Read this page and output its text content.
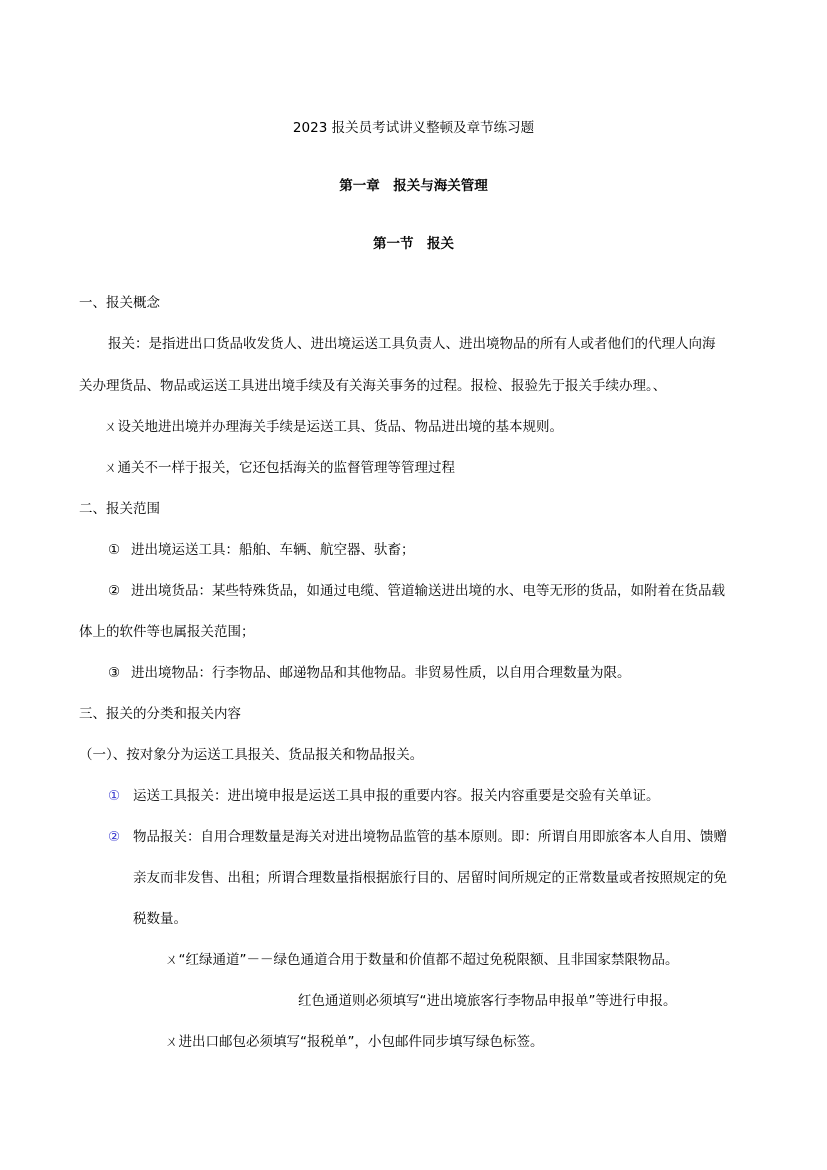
2023 报关员考试讲义整顿及章节练习题
第一章　报关与海关管理
第一节　报关
一、报关概念
报关：是指进出口货品收发货人、进出境运送工具负责人、进出境物品的所有人或者他们的代理人向海
关办理货品、物品或运送工具进出境手续及有关海关事务的过程。报检、报验先于报关手续办理。、
ㄨ设关地进出境并办理海关手续是运送工具、货品、物品进出境的基本规则。
ㄨ通关不一样于报关，它还包括海关的监督管理等管理过程
二、报关范围
① 进出境运送工具：船舶、车辆、航空器、驮畜；
② 进出境货品：某些特殊货品，如通过电缆、管道输送进出境的水、电等无形的货品，如附着在货品载
体上的软件等也属报关范围；
③ 进出境物品：行李物品、邮递物品和其他物品。非贸易性质，以自用合理数量为限。
三、报关的分类和报关内容
（一）、按对象分为运送工具报关、货品报关和物品报关。
① 运送工具报关：进出境申报是运送工具申报的重要内容。报关内容重要是交验有关单证。
② 物品报关：自用合理数量是海关对进出境物品监管的基本原则。即：所谓自用即旅客本人自用、馈赠
亲友而非发售、出租；所谓合理数量指根据旅行目的、居留时间所规定的正常数量或者按照规定的免
税数量。
ㄨ“红绿通道”－－绿色通道合用于数量和价值都不超过免税限额、且非国家禁限物品。
红色通道则必须填写“进出境旅客行李物品申报单”等进行申报。
ㄨ进出口邮包必须填写“报税单”，小包邮件同步填写绿色标签。
